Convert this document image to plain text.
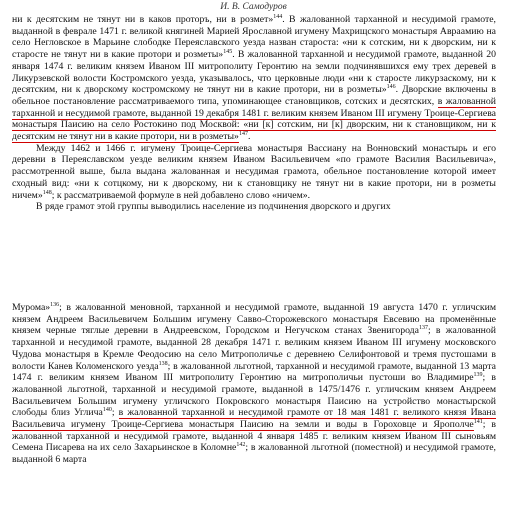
И. В. Самодуров

ни к десятским не тянут ни в каков проторъ, ни в розмет»$^{144}$. В жалованной тарханной и несудимой грамоте, выданной в феврале 1471 г. великой княгиней Марией Ярославной игумену Махрищского монастыря Авраамию на село Негловское в Марьине слободке Переяславского уезда назван староста: «ни к сотским, ни к дворским, ни к старосте не тянут ни в какие протори и розметы»$^{145}$. В жалованной тарханной и несудимой грамоте, выданной 20 января 1474 г. великим князем Иваном III митрополиту Геронтию на земли подчинявшихся ему трех деревей в Ликурзевской волости Костромского уезда, указывалось, что церковные люди «ни к старосте ликурзаскому, ни к десятским, ни к дворскому костромскому не тянут ни в какие протори, ни в розметы»$^{146}$. Дворские включены в обельное постановление рассматриваемого типа, упоминающее становщиков, сотских и десятских, в жалованной тарханной и несудимой грамоте, выданной 19 декабря 1481 г. великим князем Иваном III игумену Троице-Сергиева монастыря Паисию на село Ростокино под Москвой: «ни [к] сотским, ни [к] дворским, ни к становщиком, ни к десятским не тянут ни в какие протори, ни в розметы»$^{147}$.

Между 1462 и 1466 г. игумену Троице-Сергиева монастыря Вассиану на Вонновский монастырь и его деревни в Переяславском уезде великим князем Иваном Васильевичем «по грамоте Василия Васильевича», рассмотренной выше, была выдана жалованная и несудимая грамота, обельное постановление которой имеет сходный вид: «ни к сотцкому, ни к дворскому, ни к становщику не тянут ни в какие протори, ни в розметы ничем»$^{148}$; к рассматриваемой формуле в ней добавлено слово «ничем».

В ряде грамот этой группы выводились население из подчинения дворского и других

Мурома»$^{136}$; в жалованной меновной, тарханной и несудимой грамоте, выданной 19 августа 1470 г. угличским князем Андреем Васильевичем Большим игумену Савво-Сторожевского монастыря Евсевию на променённые князем черные тяглые деревни в Андреевском, Городском и Негучском станах Звенигорода$^{137}$; в жалованной тарханной и несудимой грамоте, выданной 28 декабря 1471 г. великим князем Иваном III игумену московского Чудова монастыря в Кремле Феодосию на село Митрополичье с деревнею Селифонтовой и тремя пустошами в волости Канев Коломенского уезда$^{138}$; в жалованной льготной, тарханной и несудимой грамоте, выданной 13 марта 1474 г. великим князем Иваном III митрополиту Геронтию на митрополичьи пустоши во Владимире$^{139}$; в жалованной льготной, тарханной и несудимой грамоте, выданной в 1475/1476 г. угличским князем Андреем Васильевичем Большим игумену угличского Покровского монастыря Паисию на устройство монастырской слободы близ Углича$^{140}$; в жалованной тарханной и несудимой грамоте от 18 мая 1481 г. великого князя Ивана Васильевича игумену Троице-Сергиева монастыря Паисию на земли и воды в Гороховце и Ярополче$^{141}$; в жалованной тарханной и несудимой грамоте, выданной 4 января 1485 г. великим князем Иваном III сыновьям Семена Писарева на их село Захарьинское в Коломне$^{142}$; в жалованной льготной (поместной) и несудимой грамоте, выданной 6 марта
